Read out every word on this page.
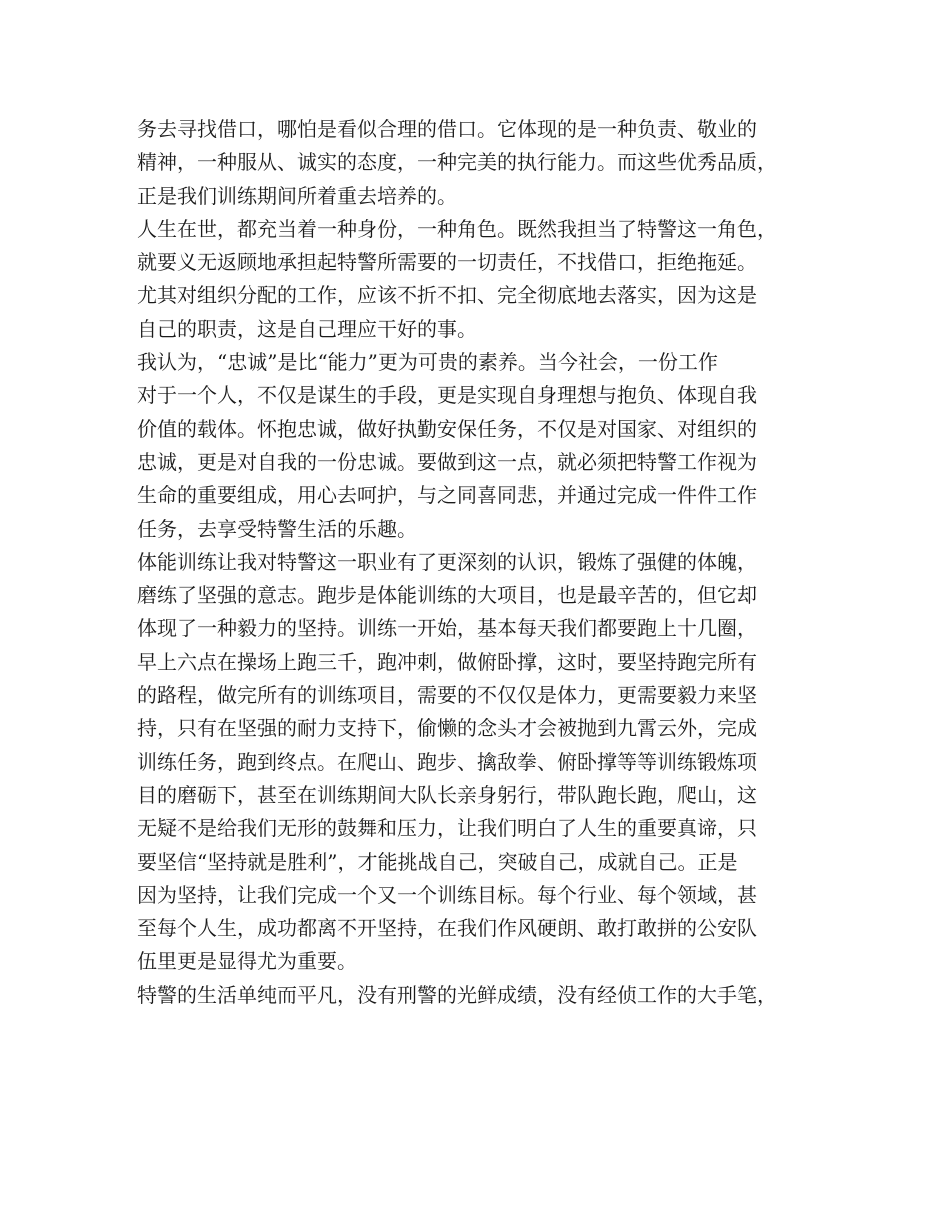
务去寻找借口，哪怕是看似合理的借口。它体现的是一种负责、敬业的
精神，一种服从、诚实的态度，一种完美的执行能力。而这些优秀品质，
正是我们训练期间所着重去培养的。
人生在世，都充当着一种身份，一种角色。既然我担当了特警这一角色，
就要义无返顾地承担起特警所需要的一切责任，不找借口，拒绝拖延。
尤其对组织分配的工作，应该不折不扣、完全彻底地去落实，因为这是
自己的职责，这是自己理应干好的事。
我认为，“忠诚”是比“能力”更为可贵的素养。当今社会，一份工作
对于一个人，不仅是谋生的手段，更是实现自身理想与抱负、体现自我
价值的载体。怀抱忠诚，做好执勤安保任务，不仅是对国家、对组织的
忠诚，更是对自我的一份忠诚。要做到这一点，就必须把特警工作视为
生命的重要组成，用心去呵护，与之同喜同悲，并通过完成一件件工作
任务，去享受特警生活的乐趣。
体能训练让我对特警这一职业有了更深刻的认识，锻炼了强健的体魄，
磨练了坚强的意志。跑步是体能训练的大项目，也是最辛苦的，但它却
体现了一种毅力的坚持。训练一开始，基本每天我们都要跑上十几圈，
早上六点在操场上跑三千，跑冲刺，做俯卧撑，这时，要坚持跑完所有
的路程，做完所有的训练项目，需要的不仅仅是体力，更需要毅力来坚
持，只有在坚强的耐力支持下，偷懒的念头才会被抛到九霄云外，完成
训练任务，跑到终点。在爬山、跑步、擒敌拳、俯卧撑等等训练锻炼项
目的磨砺下，甚至在训练期间大队长亲身躬行，带队跑长跑，爬山，这
无疑不是给我们无形的鼓舞和压力，让我们明白了人生的重要真谛，只
要坚信“坚持就是胜利”，才能挑战自己，突破自己，成就自己。正是
因为坚持，让我们完成一个又一个训练目标。每个行业、每个领域，甚
至每个人生，成功都离不开坚持，在我们作风硬朗、敢打敢拼的公安队
伍里更是显得尤为重要。
特警的生活单纯而平凡，没有刑警的光鲜成绩，没有经侦工作的大手笔，
